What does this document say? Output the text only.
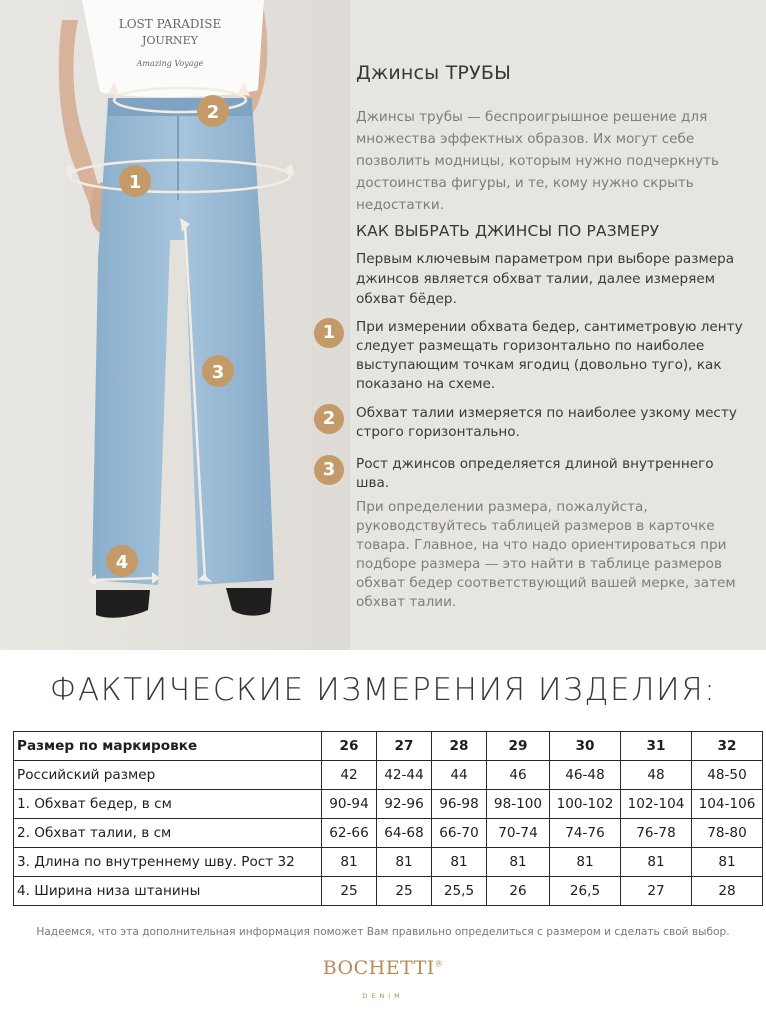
LOST PARADISE
JOURNEY
Amazing Voyage
1
2
3
4
Джинсы ТРУБЫ
Джинсы трубы — беспроигрышное решение для множества эффектных образов. Их могут себе позволить модницы, которым нужно подчеркнуть достоинства фигуры, и те, кому нужно скрыть недостатки.
КАК ВЫБРАТЬ ДЖИНСЫ ПО РАЗМЕРУ
Первым ключевым параметром при выборе размера джинсов является обхват талии, далее измеряем обхват бёдер.
1	При измерении обхвата бедер, сантиметровую ленту следует размещать горизонтально по наиболее выступающим точкам ягодиц (довольно туго), как показано на схеме.
2	Обхват талии измеряется по наиболее узкому месту строго горизонтально.
3	Рост джинсов определяется длиной внутреннего шва.
При определении размера, пожалуйста, руководствуйтесь таблицей размеров в карточке товара. Главное, на что надо ориентироваться при подборе размера — это найти в таблице размеров обхват бедер соответствующий вашей мерке, затем обхват талии.
ФАКТИЧЕСКИЕ ИЗМЕРЕНИЯ ИЗДЕЛИЯ:
Размер по маркировке	26	27	28	29	30	31	32
Российский размер	42	42-44	44	46	46-48	48	48-50
1. Обхват бедер, в см	90-94	92-96	96-98	98-100	100-102	102-104	104-106
2. Обхват талии, в см	62-66	64-68	66-70	70-74	74-76	76-78	78-80
3. Длина по внутреннему шву. Рост 32	81	81	81	81	81	81	81
4. Ширина низа штанины	25	25	25,5	26	26,5	27	28
Надеемся, что эта дополнительная информация поможет Вам правильно определиться с размером и сделать свой выбор.
BOCHETTI®
DENIM
